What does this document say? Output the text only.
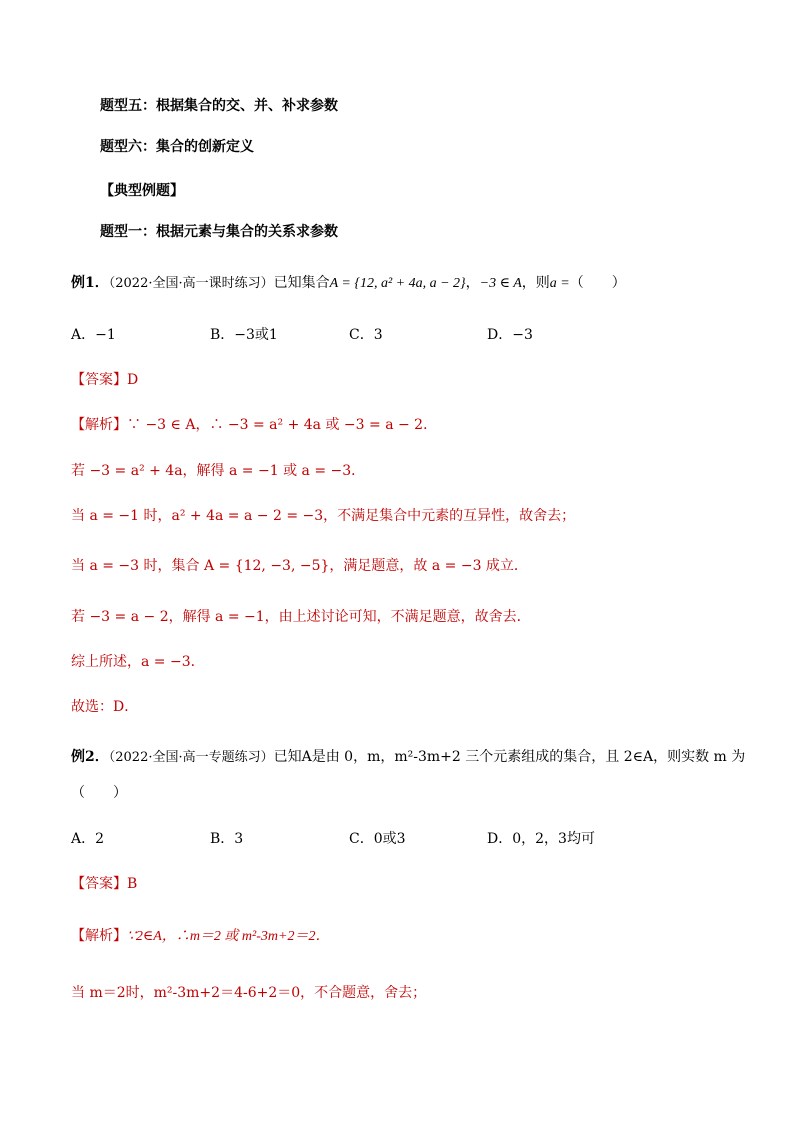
题型五：根据集合的交、并、补求参数
题型六：集合的创新定义
【典型例题】
题型一：根据元素与集合的关系求参数
例1．（2022·全国·高一课时练习）已知集合A = {12, a² + 4a, a − 2}，−3 ∈ A，则a =（　　）
A．−1	B．−3或1	C．3	D．−3
【答案】D
【解析】∵ −3 ∈ A，∴ −3 = a² + 4a 或 −3 = a − 2．
若 −3 = a² + 4a，解得 a = −1 或 a = −3．
当 a = −1 时，a² + 4a = a − 2 = −3，不满足集合中元素的互异性，故舍去；
当 a = −3 时，集合 A = {12, −3, −5}，满足题意，故 a = −3 成立．
若 −3 = a − 2，解得 a = −1，由上述讨论可知，不满足题意，故舍去．
综上所述，a = −3．
故选：D．
例2．（2022·全国·高一专题练习）已知A是由 0，m，m²-3m+2 三个元素组成的集合，且 2∈A，则实数 m 为
（　　）
A．2	B．3	C．0或3	D．0，2，3均可
【答案】B
【解析】∵2∈A，∴m＝2 或 m²-3m+2＝2．
当 m＝2时，m²-3m+2＝4-6+2＝0，不合题意，舍去；
